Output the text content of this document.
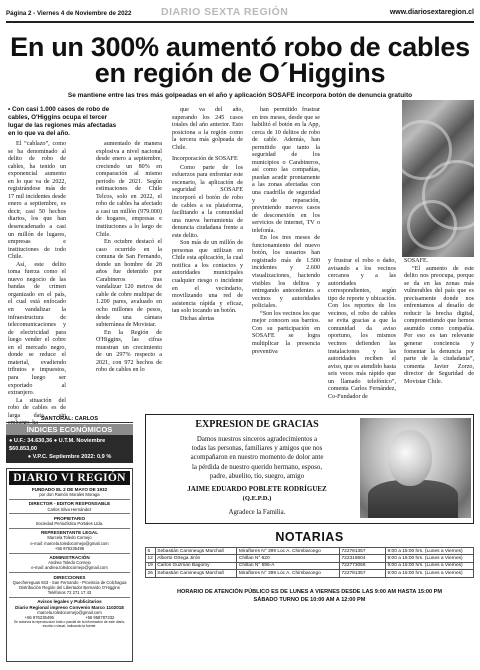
Página 2 - Viernes 4 de Noviembre de 2022	DIARIO SEXTA REGIÓN	www.diariosextaregion.cl
En un 300% aumentó robo de cables
en región de O´Higgins
Se mantiene entre las tres más golpeadas en el año y aplicación SOSAFE incorpora botón de denuncia gratuito

• Con casi 1.000 casos de robo de cables, O'Higgins ocupa el tercer lugar de las regiones más afectadas en lo que va del año.

El “cablazo”, como se ha denominado al delito de robo de cables, ha tenido un exponencial aumento en lo que va de 2022, registrándose más de 17 mil incidentes desde enero a septiembre, es decir, casi 50 hechos diarios, los que han desencadenado a casi un millón de lugares, empresas e instituciones de todo Chile.

Así, este delito toma fuerza como el nuevo negocio de las bandas de crimen organizado en el país, el cual está enfocado en vandalizar la infraestructura de telecomunicaciones y de electricidad para luego vender el cobre en el mercado negro, donde se reduce el material, evadiendo tributos e impuestos, para luego ser exportado al extranjero.

La situación del robo de cables es de larga data, sin

aumentado de manera explosiva a nivel nacional desde enero a septiembre, creciendo un 80% en comparación al mismo periodo de 2021. Según estimaciones de Chile Telcos, solo en 2022, el robo de cables ha afectado a casi un millón (979.000) de hogares, empresas e instituciones a lo largo de Chile.

En octubre destacó el caso ocurrido en la comuna de San Fernando, donde un hombre de 28 años fue detenido por Carabineros tras vandalizar 120 metros de cable de cobre multipar de 1.200 pares, avaluado en ocho millones de pesos, desde una cámara subterránea de Movistar.

En la Región de O'Higgins, las cifras muestran un crecimiento de un 297% respecto a 2021, con 972 hechos de robo de cables en lo

que va del año, superando los 245 casos totales del año anterior. Esto posiciona a la región como la tercera más golpeada de Chile.

Incorporación de SOSAFE

Como parte de los esfuerzos para enfrentar este escenario, la aplicación de seguridad SOSAFE incorporó el botón de robo de cables a su plataforma, facilitando a la comunidad una nueva herramienta de denuncia ciudadana frente a este delito.

Son más de un millón de personas que utilizan en Chile esta aplicación, la cual notifica a los contactos y autoridades municipales cualquier riesgo o incidente en el vecindario, movilizando una red de asistencia rápida y eficaz, tan solo tocando un botón.

Dichas alertas

han permitido frustrar en tres meses, desde que se habilitó el botón en la App, cerca de 10 delitos de robo de cable. Además, han permitido que tanto la seguridad de los municipios o Carabineros, así como las compañías, puedan acudir prontamente a las zonas afectadas con una cuadrilla de seguridad y de reparación, previniendo nuevos casos de desconexión en los servicios de internet, TV o telefonía.

En los tres meses de funcionamiento del nuevo botón, los usuarios han registrado más de 1.500 incidentes y 2.600 visualizaciones, haciendo visibles los delitos y entregando antecedentes a vecinos y autoridades policiales.

“Son los vecinos los que mejor conocen sus barrios. Con su participación en SOSAFE se logra multiplicar la presencia preventiva

y frustrar el robo o daño, avisando a los vecinos cercanos y a las autoridades correspondientes, según tipo de reporte y ubicación. Con los reportes de los vecinos, el robo de cables se evita gracias a que la comunidad da aviso oportuno, los mismos vecinos defienden las instalaciones y las autoridades reciben el aviso, que es atendido hasta seis veces más rápido que un llamado telefónico”, comenta Carlos Fernández, Co-Fundador de

SOSAFE.

“El aumento de este delito nos preocupa, porque se da en las zonas más vulnerables del país que es precisamente donde nos enfrentamos al desafío de reducir la brecha digital, comprometiendo que hemos asumido como compañía. Por eso es tan relevante generar conciencia y fomentar la denuncia por parte de la ciudadanía”, comenta Javier Zorzo, director de Seguridad de Movistar Chile.

SANTORAL: CARLOS
ÍNDICES ECONÓMICOS
● U.F.: 34.630,36 ● U.T.M. Noviembre $60.853,00
● V.P.C. Septiembre 2022: 0,9 %
DIARIO VI REGIÓN
FUNDADO EL 2 DE MAYO DE 1932
por don Ramón Morales Moraga
DIRECTOR - EDITOR RESPONSABLE
Carlos Silva Hernández
PROPIETARIO
Sociedad Periodística Portales Ltda.
REPRESENTANTE LEGAL
Marcela Toledo Cornejo
e-mail: marcela.toledocornejo@gmail.com
+56 976235496
ADMINISTRACIÓN
Andrea Toledo Cornejo
e-mail: andrea.toledocornejo@gmail.com
DIRECCIONES
Quechereguas 843 - San Fernando - Provincia de Colchagua
Distribución Región del Libertador Bernardo O'Higgins
Teléfonos 72 271 17 43
Avisos legales y Publicitarios
Diario Regional impreso Convenio Marco 1102018
marcela.toledocornejo@gmail.com
+56 976235496	+56 958787332
Se autoriza la reproducción total o parcial de la información de este diario, escrita o visual, indicando la fuente.
EXPRESION DE GRACIAS
Damos nuestros sinceros agradecimientos a
todas las personas, familiares y amigos que nos
acompañaron en nuestro momento de dolor ante
la pérdida de nuestro querido hermano, esposo,
padre, abuelito, tío, suegro, amigo
JAIME EDUARDO POBLETE RODRÍGUEZ
(Q.E.P.D.)
Agradece la Familia.
NOTARIAS
5	Sebastián Camineugs Marchall	Miraflores N° 399 Loc A. Chimbarongo	722781357	9:00 a 15:00 hrs. (Lunes a Viernes)
12	Alberto Ortega Jirón	Chillan N° 620	722318604	9:00 a 15:00 hrs. (Lunes a Viernes)
19	Carlos Guzmán Bagomy	Chillan N° 595-A	722773066	9:00 a 15:00 hrs. (Lunes a Viernes)
26	Sebastián Camineugs Marchall	Miraflores N° 399 Loc A. Chimbarongo	722781357	9:00 a 15:00 hrs. (Lunes a Viernes)
HORARIO DE ATENCIÓN PÚBLICO ES DE LUNES A VIERNES DESDE LAS 9:00 AM HASTA 15:00 PM
SÁBADO TURNO DE 10:00 AM A 12:00 PM
